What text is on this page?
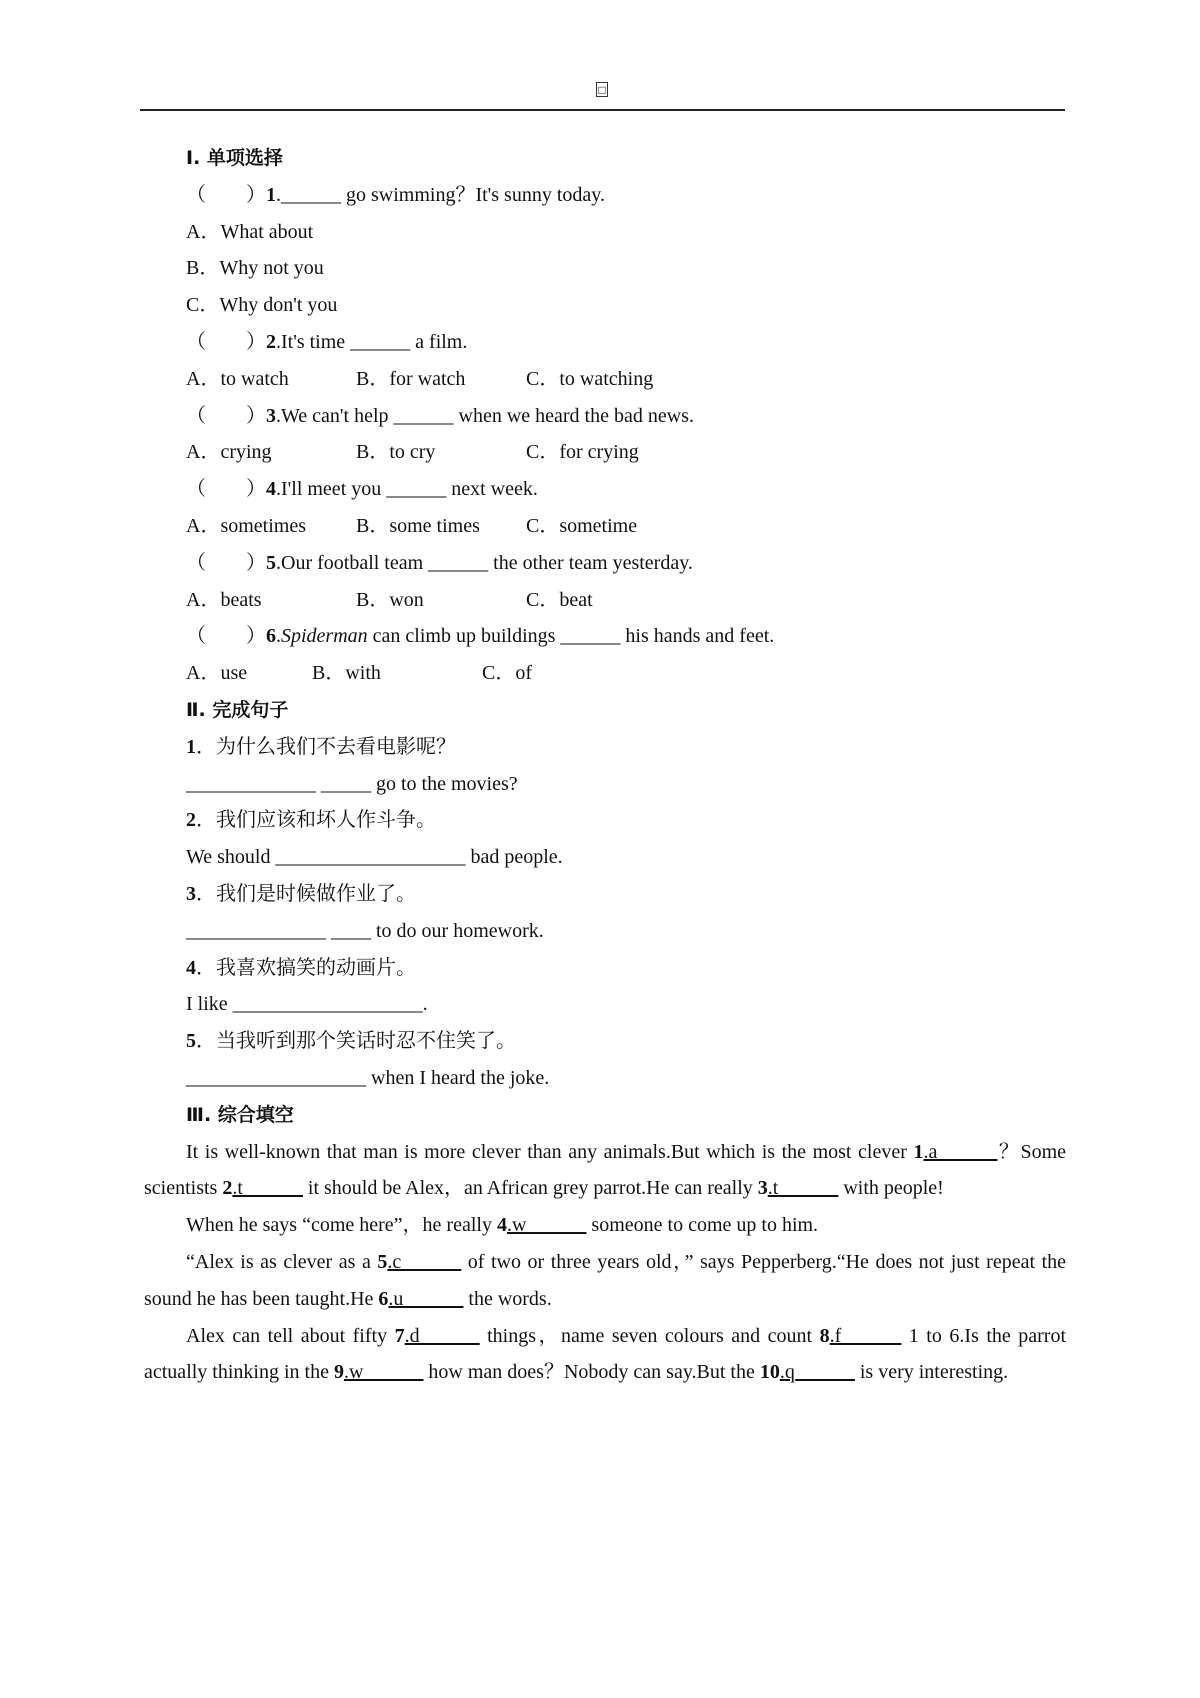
□
Ⅰ. 单项选择
（　　）1.______ go swimming？It's sunny today.
A．What about
B．Why not you
C．Why don't you
（　　）2.It's time ______ a film.
A．to watch	B．for watch	C．to watching
（　　）3.We can't help ______ when we heard the bad news.
A．crying	B．to cry	C．for crying
（　　）4.I'll meet you ______ next week.
A．sometimes	B．some times C．sometime
（　　）5.Our football team ______ the other team yesterday.
A．beats	B．won	C．beat
（　　）6.Spiderman can climb up buildings ______ his hands and feet.
A．use	B．with	C．of
Ⅱ. 完成句子
1．为什么我们不去看电影呢？
_____________ _____ go to the movies?
2．我们应该和坏人作斗争。
We should ___________________ bad people.
3．我们是时候做作业了。
______________ ____ to do our homework.
4．我喜欢搞笑的动画片。
I like ___________________.
5．当我听到那个笑话时忍不住笑了。
__________________ when I heard the joke.
Ⅲ. 综合填空

It is well-known that man is more clever than any animals.But which is the most clever 1.a______？Some scientists 2.t______ it should be Alex，an African grey parrot.He can really 3.t______ with people!

When he says “come here”，he really 4.w______ someone to come up to him.

“Alex is as clever as a 5.c______ of two or three years old，” says Pepperberg.“He does not just repeat the sound he has been taught.He 6.u______ the words.

Alex can tell about fifty 7.d______ things，name seven colours and count 8.f______ 1 to 6.Is the parrot actually thinking in the 9.w______ how man does？Nobody can say.But the 10.q______ is very interesting.
